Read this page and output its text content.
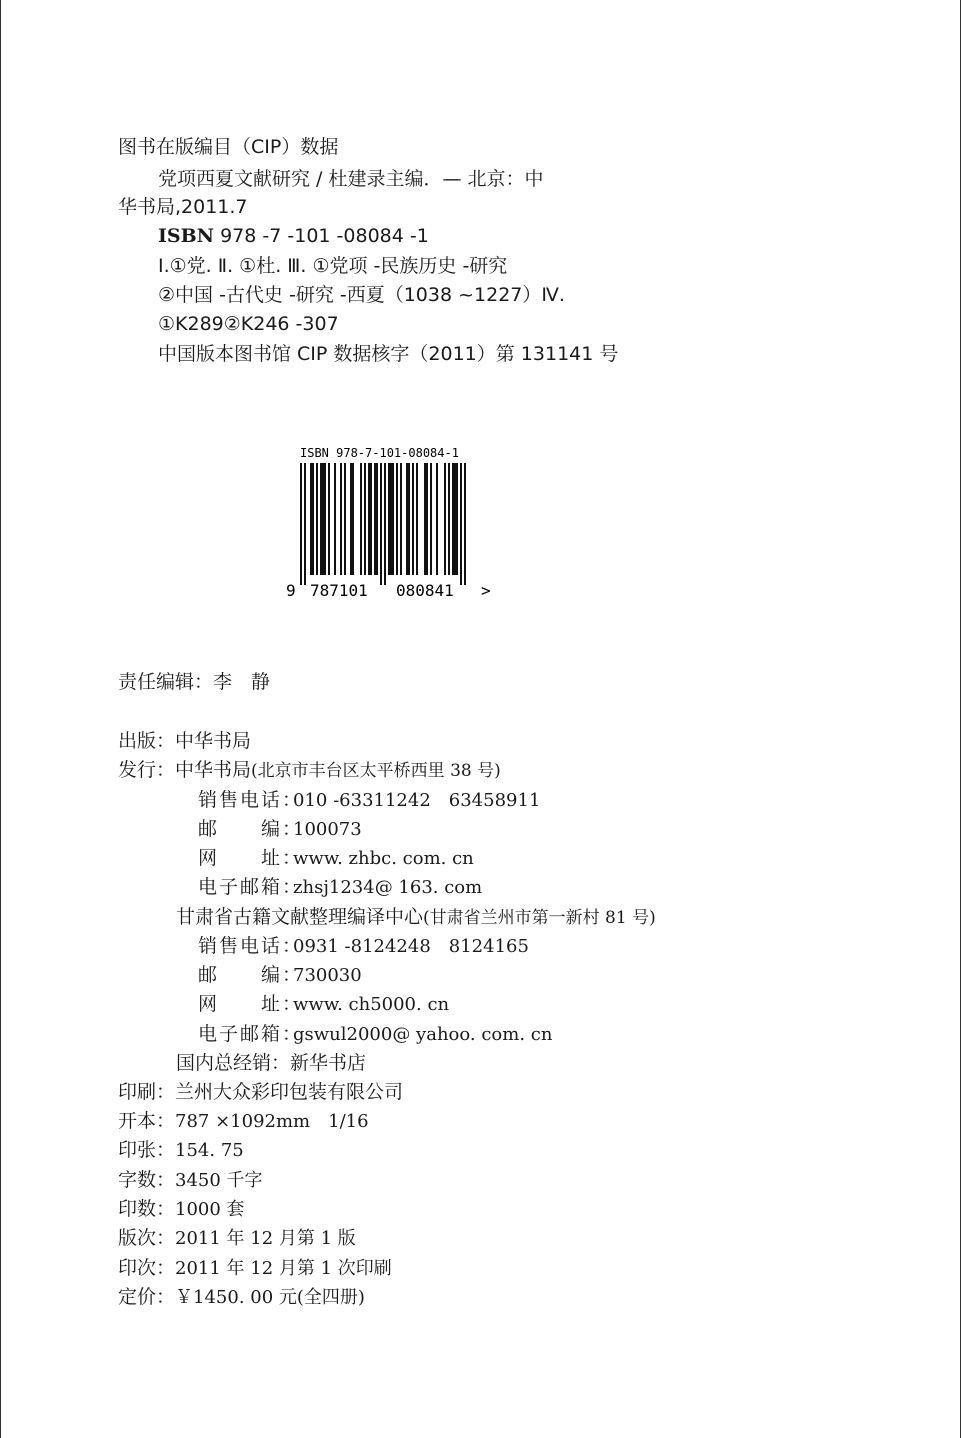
图书在版编目（CIP）数据
党项西夏文献研究 / 杜建录主编．— 北京：中
华书局,2011.7
ISBN 978 -7 -101 -08084 -1
Ⅰ.①党. Ⅱ. ①杜. Ⅲ. ①党项 -民族历史 -研究
②中国 -古代史 -研究 -西夏（1038 ~1227）Ⅳ.
①K289②K246 -307
中国版本图书馆 CIP 数据核字（2011）第 131141 号
ISBN 978-7-101-08084-1
9 787101 080841 >
责任编辑：李　静
出版：中华书局
发行：中华书局(北京市丰台区太平桥西里 38 号)
销售电话：010 -63311242　63458911
邮　　编：100073
网　　址：www. zhbc. com. cn
电子邮箱：zhsj1234@ 163. com
甘肃省古籍文献整理编译中心(甘肃省兰州市第一新村 81 号)
销售电话：0931 -8124248　8124165
邮　　编：730030
网　　址：www. ch5000. cn
电子邮箱：gswul2000@ yahoo. com. cn
国内总经销：新华书店
印刷：兰州大众彩印包装有限公司
开本：787 ×1092mm　1/16
印张：154. 75
字数：3450 千字
印数：1000 套
版次：2011 年 12 月第 1 版
印次：2011 年 12 月第 1 次印刷
定价：￥1450. 00 元(全四册)
